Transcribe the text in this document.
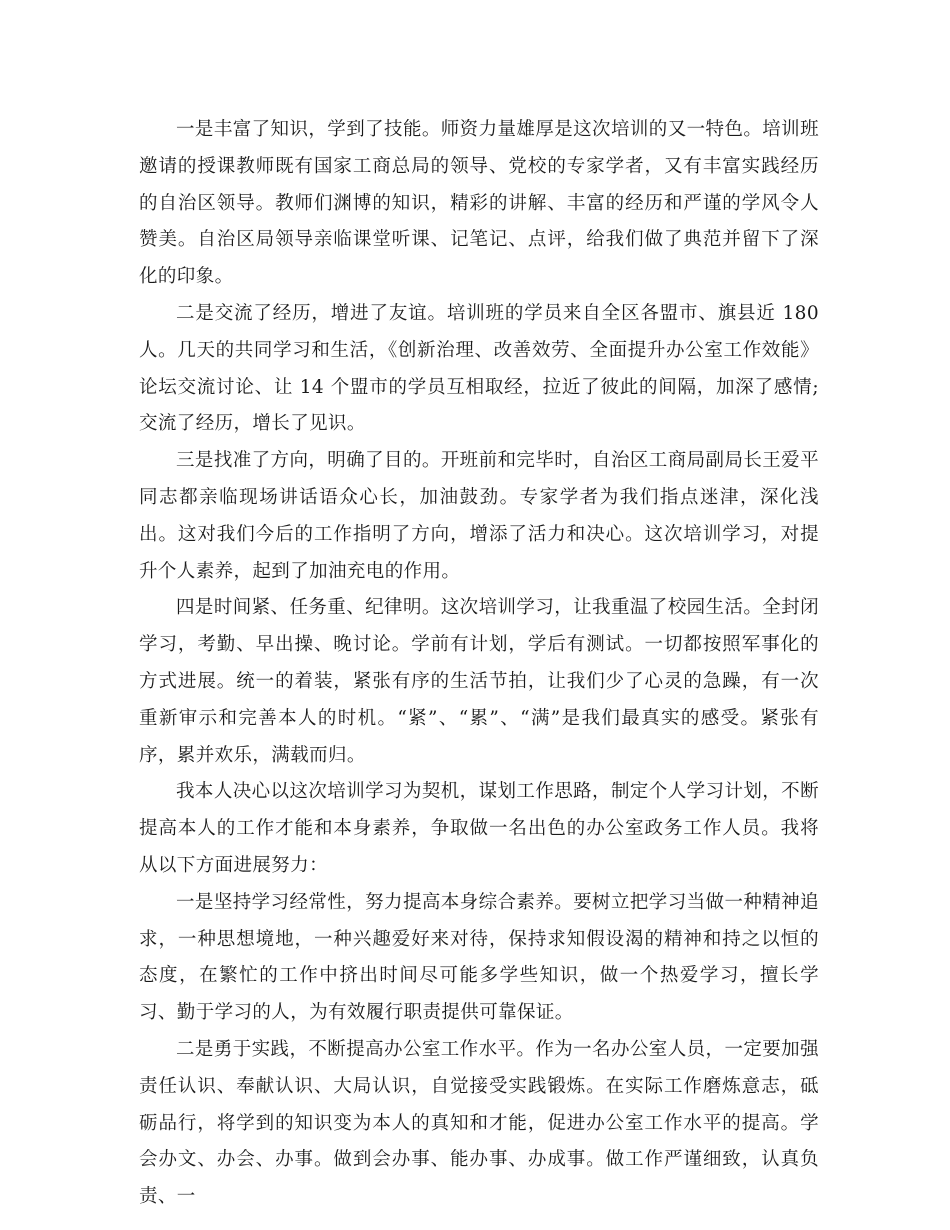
一是丰富了知识，学到了技能。师资力量雄厚是这次培训的又一特色。培训班邀请的授课教师既有国家工商总局的领导、党校的专家学者，又有丰富实践经历的自治区领导。教师们渊博的知识，精彩的讲解、丰富的经历和严谨的学风令人赞美。自治区局领导亲临课堂听课、记笔记、点评，给我们做了典范并留下了深化的印象。

二是交流了经历，增进了友谊。培训班的学员来自全区各盟市、旗县近 180 人。几天的共同学习和生活，《创新治理、改善效劳、全面提升办公室工作效能》论坛交流讨论、让 14 个盟市的学员互相取经，拉近了彼此的间隔，加深了感情;交流了经历，增长了见识。

三是找准了方向，明确了目的。开班前和完毕时，自治区工商局副局长王爱平同志都亲临现场讲话语众心长，加油鼓劲。专家学者为我们指点迷津，深化浅出。这对我们今后的工作指明了方向，增添了活力和决心。这次培训学习，对提升个人素养，起到了加油充电的作用。

四是时间紧、任务重、纪律明。这次培训学习，让我重温了校园生活。全封闭学习，考勤、早出操、晚讨论。学前有计划，学后有测试。一切都按照军事化的方式进展。统一的着装，紧张有序的生活节拍，让我们少了心灵的急躁，有一次重新审示和完善本人的时机。“紧”、“累”、“满”是我们最真实的感受。紧张有序，累并欢乐，满载而归。

我本人决心以这次培训学习为契机，谋划工作思路，制定个人学习计划，不断提高本人的工作才能和本身素养，争取做一名出色的办公室政务工作人员。我将从以下方面进展努力：

一是坚持学习经常性，努力提高本身综合素养。要树立把学习当做一种精神追求，一种思想境地，一种兴趣爱好来对待，保持求知假设渴的精神和持之以恒的态度，在繁忙的工作中挤出时间尽可能多学些知识，做一个热爱学习，擅长学习、勤于学习的人，为有效履行职责提供可靠保证。

二是勇于实践，不断提高办公室工作水平。作为一名办公室人员，一定要加强责任认识、奉献认识、大局认识，自觉接受实践锻炼。在实际工作磨炼意志，砥砺品行，将学到的知识变为本人的真知和才能，促进办公室工作水平的提高。学会办文、办会、办事。做到会办事、能办事、办成事。做工作严谨细致，认真负责、一
